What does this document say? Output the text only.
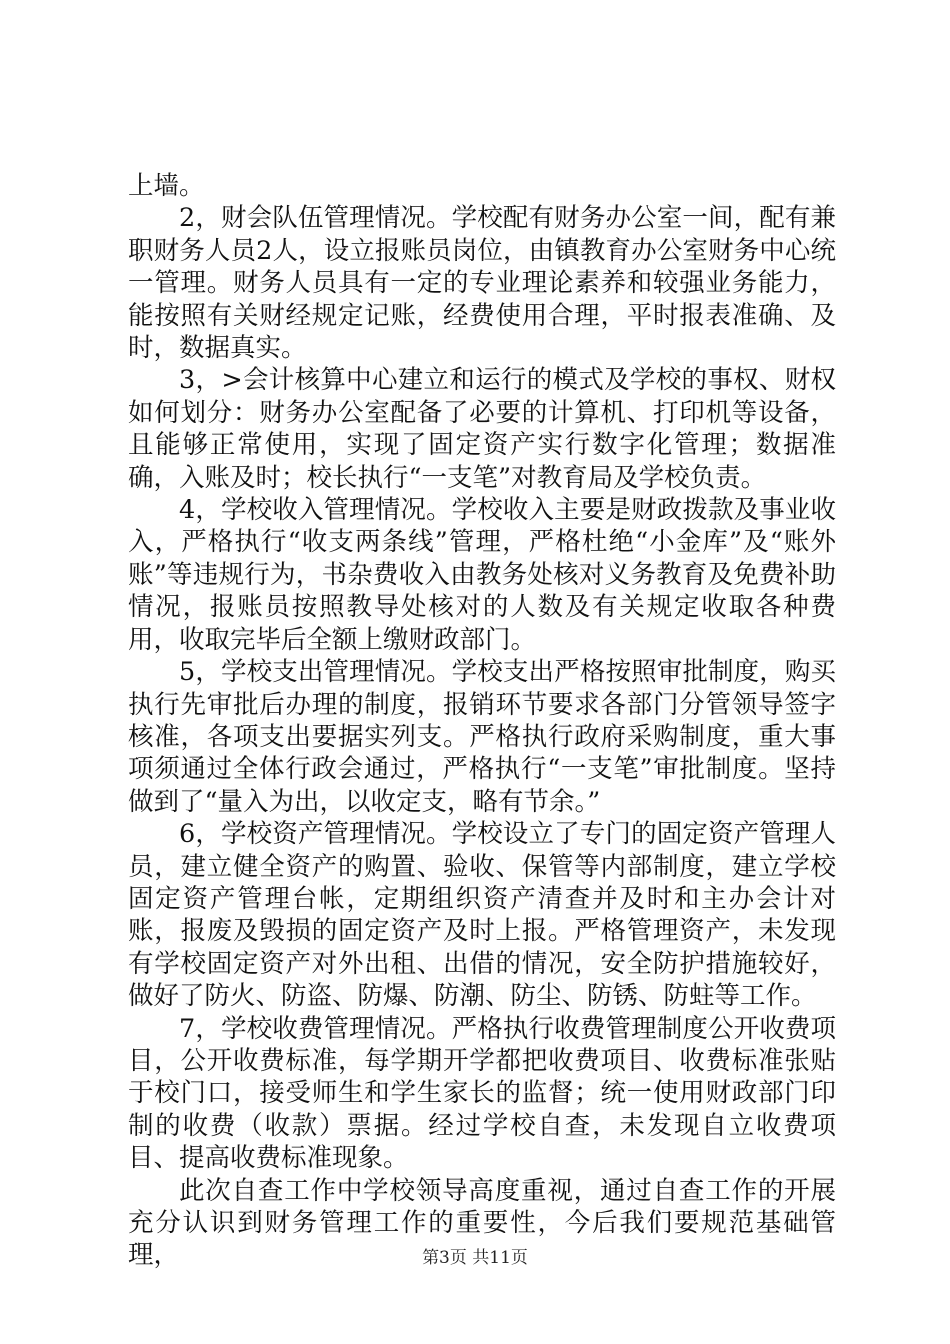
上墙。

2，财会队伍管理情况。学校配有财务办公室一间，配有兼职财务人员2人，设立报账员岗位，由镇教育办公室财务中心统一管理。财务人员具有一定的专业理论素养和较强业务能力，能按照有关财经规定记账，经费使用合理，平时报表准确、及时，数据真实。

3，>会计核算中心建立和运行的模式及学校的事权、财权如何划分：财务办公室配备了必要的计算机、打印机等设备，且能够正常使用，实现了固定资产实行数字化管理；数据准确，入账及时；校长执行“一支笔”对教育局及学校负责。

4，学校收入管理情况。学校收入主要是财政拨款及事业收入，严格执行“收支两条线”管理，严格杜绝“小金库”及“账外账”等违规行为，书杂费收入由教务处核对义务教育及免费补助情况，报账员按照教导处核对的人数及有关规定收取各种费用，收取完毕后全额上缴财政部门。

5，学校支出管理情况。学校支出严格按照审批制度，购买执行先审批后办理的制度，报销环节要求各部门分管领导签字核准，各项支出要据实列支。严格执行政府采购制度，重大事项须通过全体行政会通过，严格执行“一支笔”审批制度。坚持做到了“量入为出，以收定支，略有节余。”

6，学校资产管理情况。学校设立了专门的固定资产管理人员，建立健全资产的购置、验收、保管等内部制度，建立学校固定资产管理台帐，定期组织资产清查并及时和主办会计对账，报废及毁损的固定资产及时上报。严格管理资产，未发现有学校固定资产对外出租、出借的情况，安全防护措施较好，做好了防火、防盗、防爆、防潮、防尘、防锈、防蛀等工作。

7，学校收费管理情况。严格执行收费管理制度公开收费项目，公开收费标准，每学期开学都把收费项目、收费标准张贴于校门口，接受师生和学生家长的监督；统一使用财政部门印制的收费（收款）票据。经过学校自查，未发现自立收费项目、提高收费标准现象。

此次自查工作中学校领导高度重视，通过自查工作的开展充分认识到财务管理工作的重要性，今后我们要规范基础管理，	第3页 共11页
